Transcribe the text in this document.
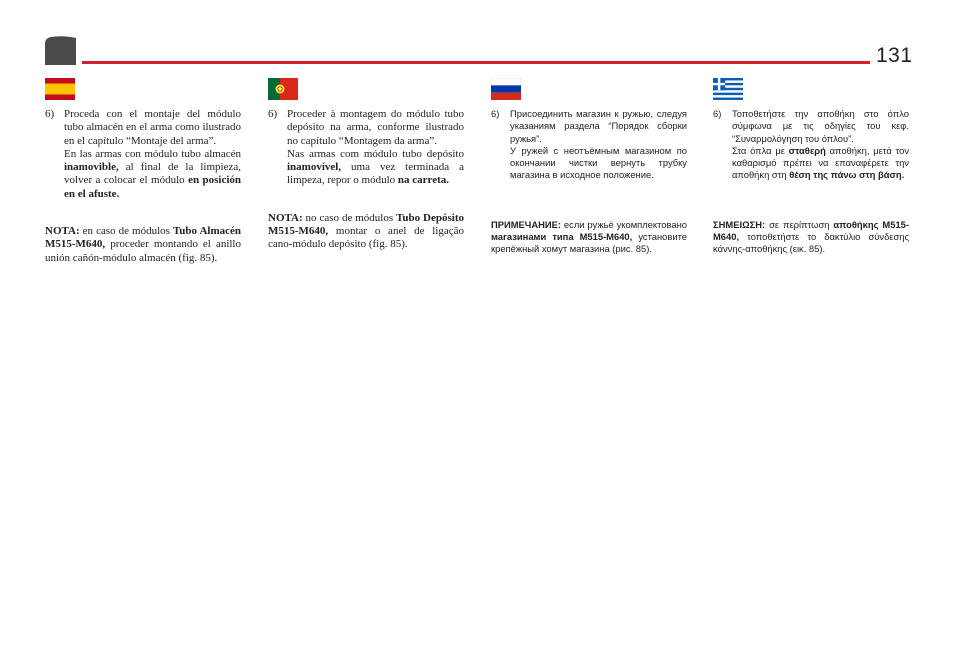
131
6) Proceda con el montaje del módulo tubo almacén en el arma como ilustrado en el capítulo “Montaje del arma”.

En las armas con módulo tubo almacén inamovible, al final de la limpieza, volver a colocar el módulo en posición en el afuste.

NOTA: en caso de módulos Tubo Almacén M515-M640, proceder montando el anillo unión cañón-módulo almacén (fig. 85).

6) Proceder à montagem do módulo tubo depósito na arma, conforme ilustrado no capítulo “Montagem da arma”.

Nas armas com módulo tubo depósito inamovível, uma vez terminada a limpeza, repor o módulo na carreta.

NOTA: no caso de módulos Tubo Depósito M515-M640, montar o anel de ligação cano-módulo depósito (fig. 85).

6)	Присоединить магазин к ружью, следуя указаниям раздела “Порядок сборки ружья”.

У ружей с неотъёмным магазином по окончании чистки вернуть трубку магазина в исходное положение.

ПРИМЕЧАНИЕ: если ружьё укомплектовано магазинами типа M515-M640, установите крепёжный хомут магазина (рис. 85).

6)	Τοποθετήστε την αποθήκη στο όπλο σύμφωνα με τις οδηγίες του κεφ. “Συναρμολόγηση του όπλου”.

Στα όπλα με σταθερή αποθήκη, μετά τον καθαρισμό πρέπει να επαναφέρετε την αποθήκη στη θέση της πάνω στη βάση.

ΣΗΜΕΙΩΣΗ: σε περίπτωση αποθήκης M515-M640, τοποθετήστε το δακτύλιο σύνδεσης κάννης-αποθήκης (εικ. 85).
